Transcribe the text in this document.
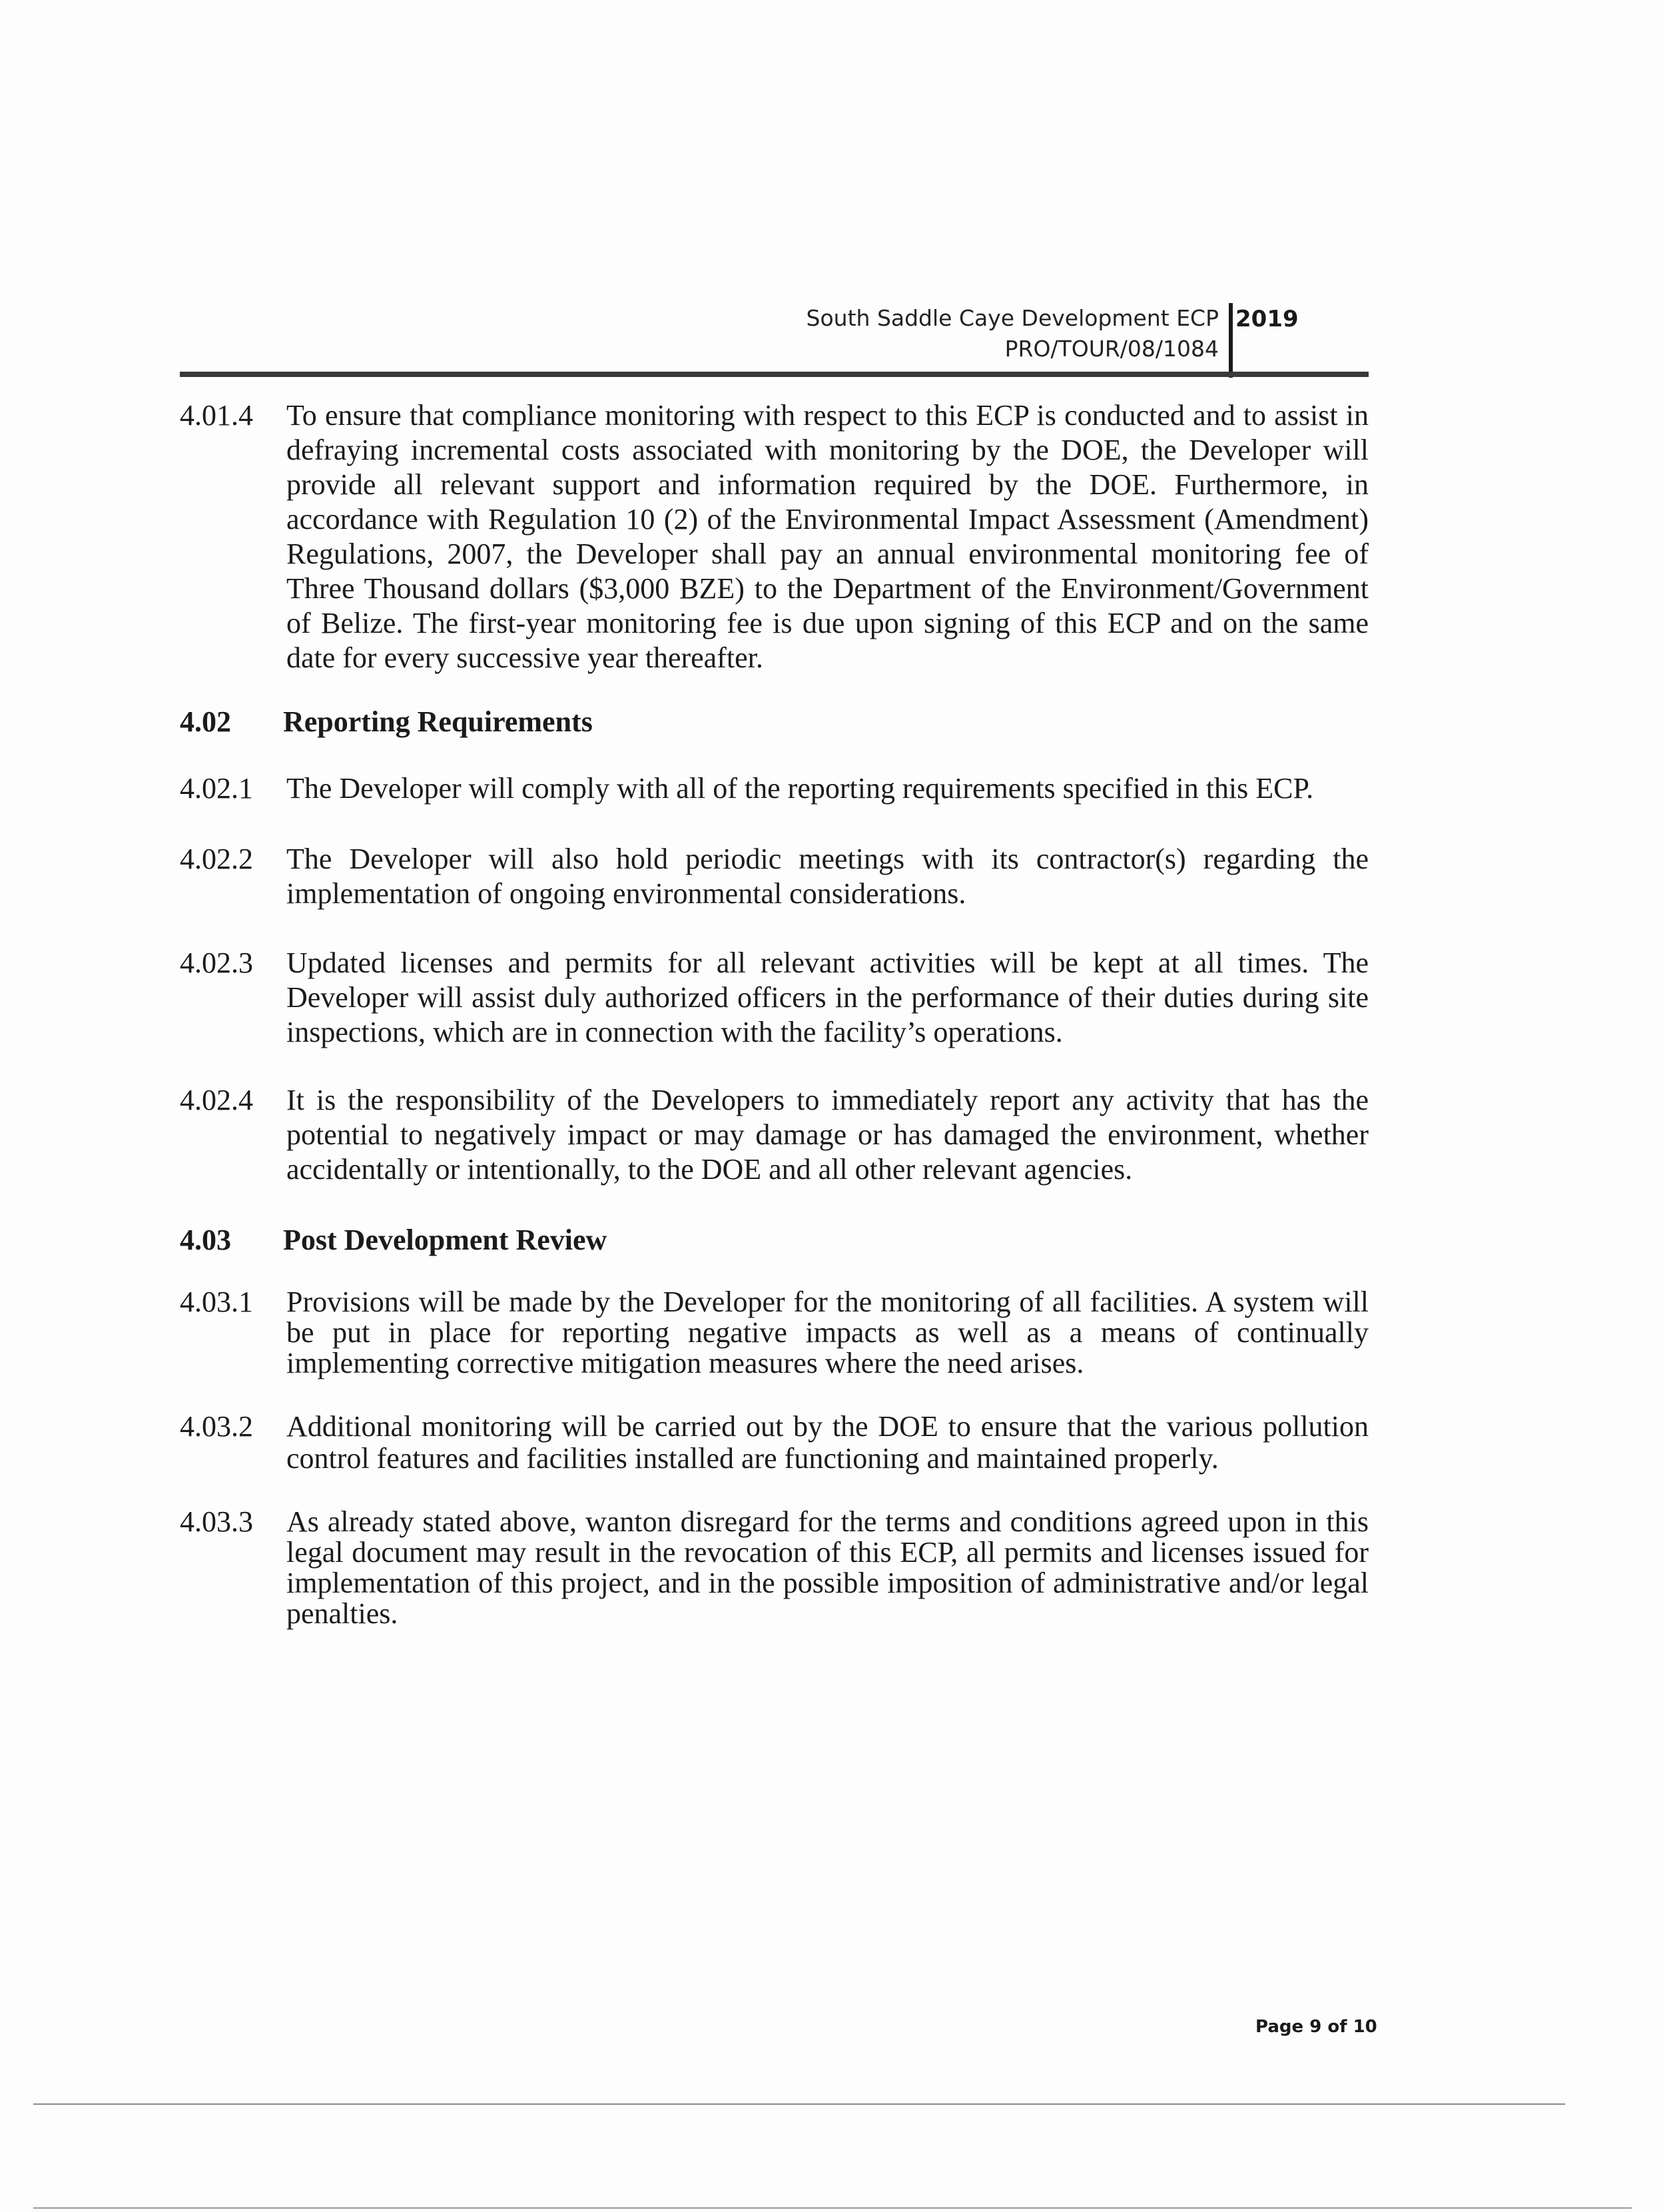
South Saddle Caye Development ECP
PRO/TOUR/08/1084
2019
4.01.4	To ensure that compliance monitoring with respect to this ECP is conducted and to assist in defraying incremental costs associated with monitoring by the DOE, the Developer will provide all relevant support and information required by the DOE. Furthermore, in accordance with Regulation 10 (2) of the Environmental Impact Assessment (Amendment) Regulations, 2007, the Developer shall pay an annual environmental monitoring fee of Three Thousand dollars ($3,000 BZE) to the Department of the Environment/Government of Belize. The first-year monitoring fee is due upon signing of this ECP and on the same date for every successive year thereafter.
4.02 Reporting Requirements
4.02.1	The Developer will comply with all of the reporting requirements specified in this ECP.
4.02.2	The Developer will also hold periodic meetings with its contractor(s) regarding the implementation of ongoing environmental considerations.
4.02.3	Updated licenses and permits for all relevant activities will be kept at all times. The Developer will assist duly authorized officers in the performance of their duties during site inspections, which are in connection with the facility’s operations.
4.02.4	It is the responsibility of the Developers to immediately report any activity that has the potential to negatively impact or may damage or has damaged the environment, whether accidentally or intentionally, to the DOE and all other relevant agencies.
4.03 Post Development Review
4.03.1	Provisions will be made by the Developer for the monitoring of all facilities. A system will be put in place for reporting negative impacts as well as a means of continually implementing corrective mitigation measures where the need arises.
4.03.2	Additional monitoring will be carried out by the DOE to ensure that the various pollution control features and facilities installed are functioning and maintained properly.
4.03.3	As already stated above, wanton disregard for the terms and conditions agreed upon in this legal document may result in the revocation of this ECP, all permits and licenses issued for implementation of this project, and in the possible imposition of administrative and/or legal penalties.
Page 9 of 10
